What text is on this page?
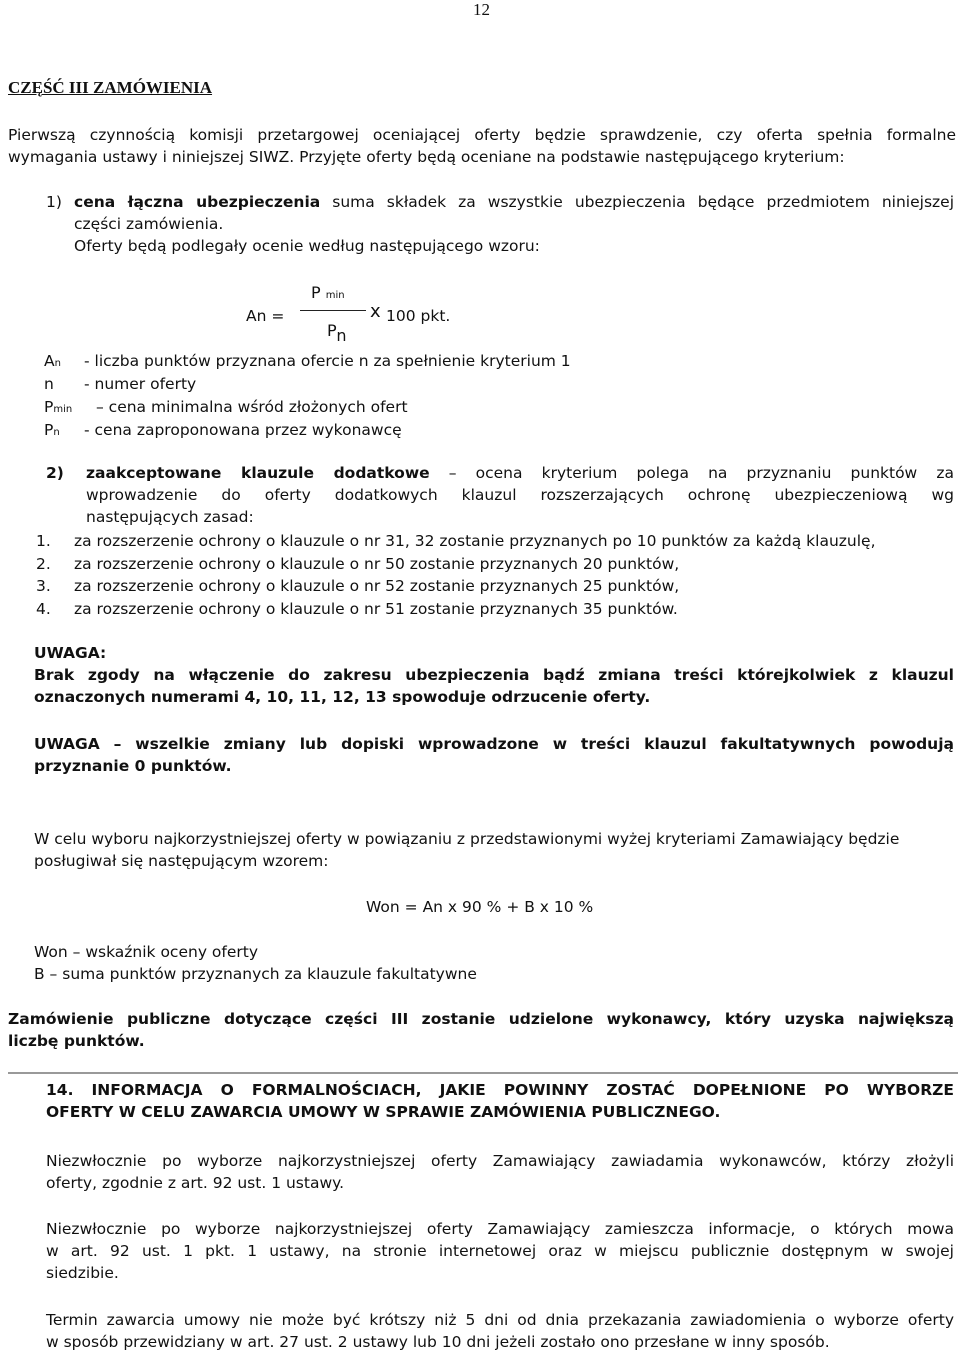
12
CZĘŚĆ III ZAMÓWIENIA
Pierwszą czynnością komisji przetargowej oceniającej oferty będzie sprawdzenie, czy oferta spełnia formalne
wymagania ustawy i niniejszej SIWZ. Przyjęte oferty będą oceniane na podstawie następującego kryterium:
1) cena łączna ubezpieczenia suma składek za wszystkie ubezpieczenia będące przedmiotem niniejszej
części zamówienia.
Oferty będą podlegały ocenie według następującego wzoru:
An =
P min
x 100 pkt.
Pn
An - liczba punktów przyznana ofercie n za spełnienie kryterium 1
n - numer oferty
Pmin – cena minimalna wśród złożonych ofert
Pn - cena zaproponowana przez wykonawcę
2) zaakceptowane klauzule dodatkowe – ocena kryterium polega na przyznaniu punktów za
wprowadzenie do oferty dodatkowych klauzul rozszerzających ochronę ubezpieczeniową wg
następujących zasad:
1. za rozszerzenie ochrony o klauzule o nr 31, 32 zostanie przyznanych po 10 punktów za każdą klauzulę,
2. za rozszerzenie ochrony o klauzule o nr 50 zostanie przyznanych 20 punktów,
3. za rozszerzenie ochrony o klauzule o nr 52 zostanie przyznanych 25 punktów,
4. za rozszerzenie ochrony o klauzule o nr 51 zostanie przyznanych 35 punktów.
UWAGA:
Brak zgody na włączenie do zakresu ubezpieczenia bądź zmiana treści którejkolwiek z klauzul
oznaczonych numerami 4, 10, 11, 12, 13 spowoduje odrzucenie oferty.
UWAGA – wszelkie zmiany lub dopiski wprowadzone w treści klauzul fakultatywnych powodują
przyznanie 0 punktów.
W celu wyboru najkorzystniejszej oferty w powiązaniu z przedstawionymi wyżej kryteriami Zamawiający będzie
posługiwał się następującym wzorem:
Won = An x 90 % + B x 10 %
Won – wskaźnik oceny oferty
B – suma punktów przyznanych za klauzule fakultatywne
Zamówienie publiczne dotyczące części III zostanie udzielone wykonawcy, który uzyska największą
liczbę punktów.
14. INFORMACJA O FORMALNOŚCIACH, JAKIE POWINNY ZOSTAĆ DOPEŁNIONE PO WYBORZE
OFERTY W CELU ZAWARCIA UMOWY W SPRAWIE ZAMÓWIENIA PUBLICZNEGO.
Niezwłocznie po wyborze najkorzystniejszej oferty Zamawiający zawiadamia wykonawców, którzy złożyli
oferty, zgodnie z art. 92 ust. 1 ustawy.
Niezwłocznie po wyborze najkorzystniejszej oferty Zamawiający zamieszcza informacje, o których mowa
w art. 92 ust. 1 pkt. 1 ustawy, na stronie internetowej oraz w miejscu publicznie dostępnym w swojej
siedzibie.
Termin zawarcia umowy nie może być krótszy niż 5 dni od dnia przekazania zawiadomienia o wyborze oferty
w sposób przewidziany w art. 27 ust. 2 ustawy lub 10 dni jeżeli zostało ono przesłane w inny sposób.
